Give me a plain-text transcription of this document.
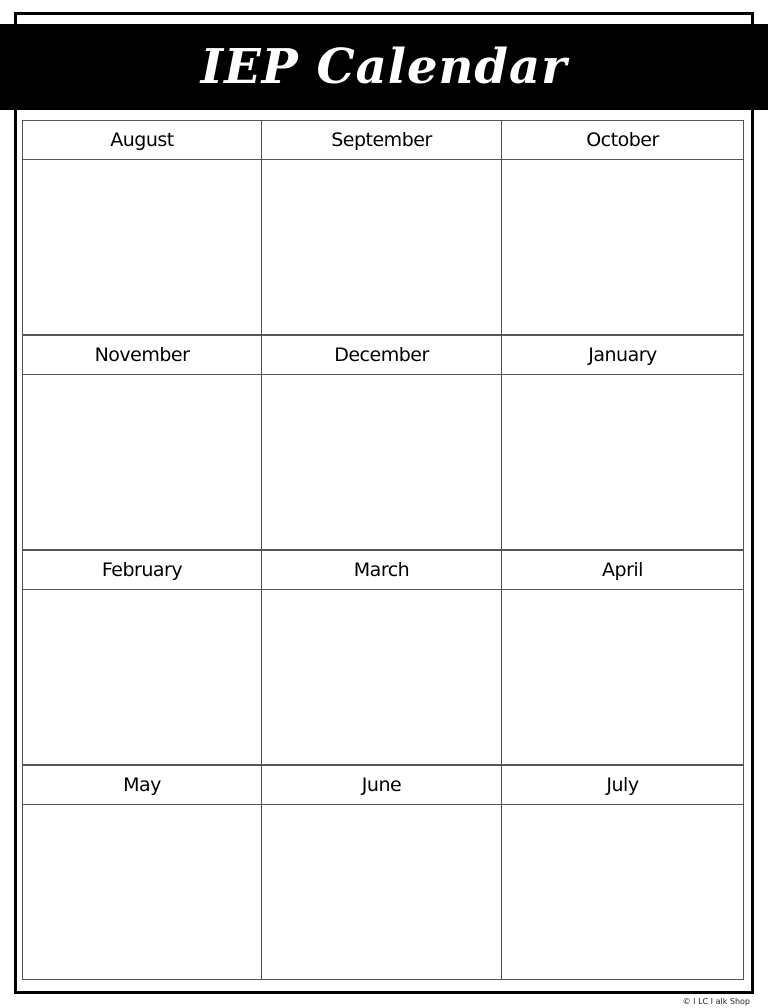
IEP Calendar
August	September	October
November	December	January
February	March	April
May	June	July
© I LC I alk Shop
